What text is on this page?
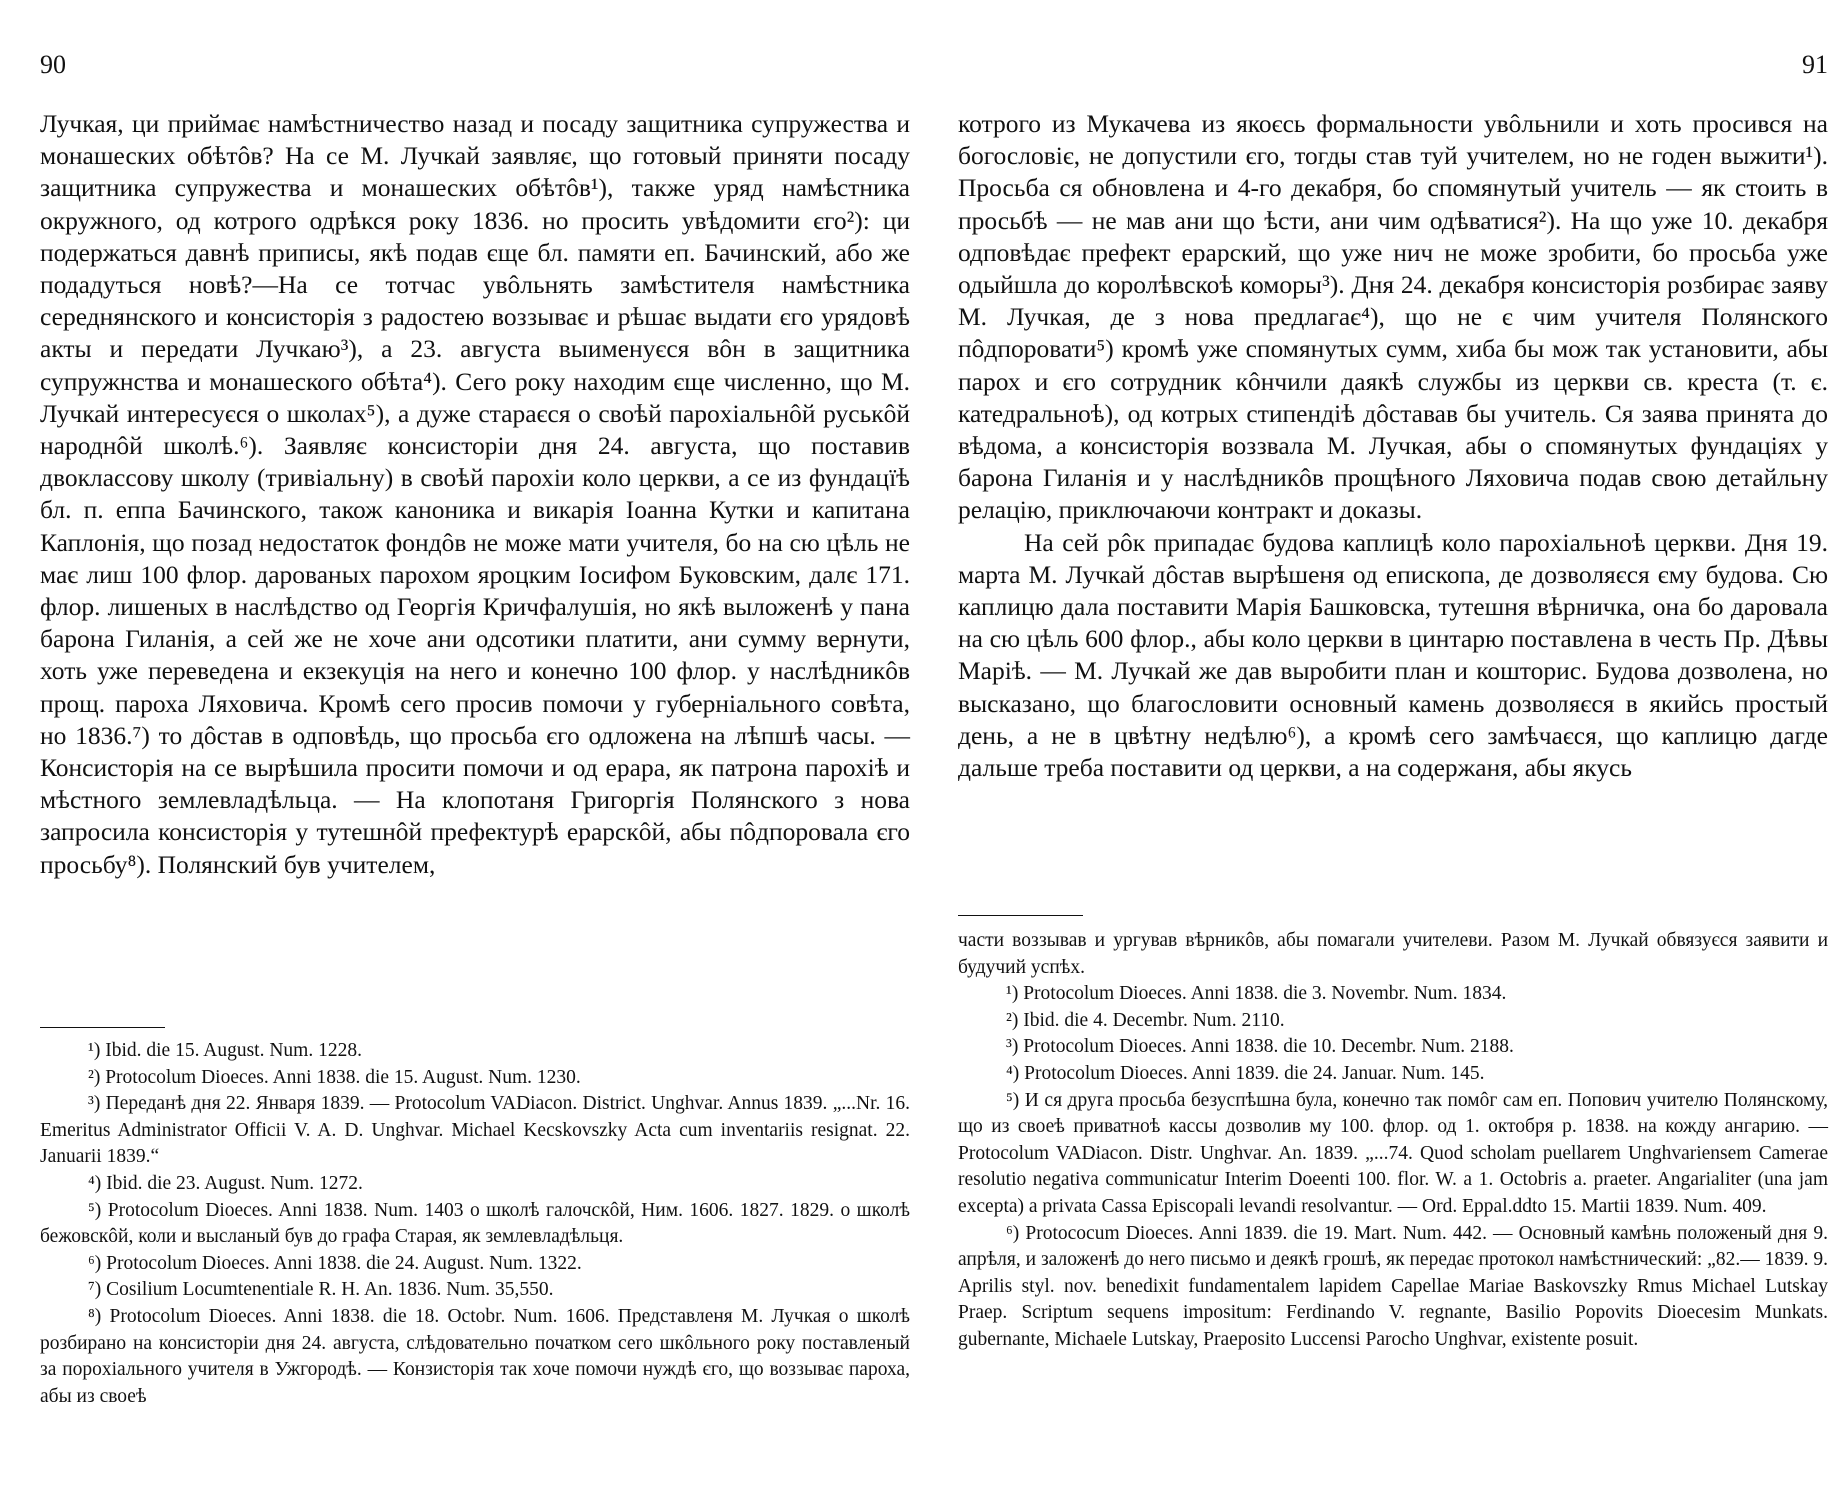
90

Лучкая, ци приймає намѣстничество назад и посаду защитника супружества и монашеских обѣтôв? На се М. Лучкай заявляє, що готовый приняти посаду защитника супружества и монашеских обѣтôв¹), также уряд намѣстника окружного, од котрого одрѣкся року 1836. но просить увѣдомити єго²): ци подержаться давнѣ приписы, якѣ подав єще бл. памяти еп. Бачинский, або же подадуться новѣ?—На се тотчас увôльнять замѣстителя намѣстника середнянского и консисторія з радостею воззыває и рѣшає выдати єго урядовѣ акты и передати Лучкаю³), а 23. августа выименуєся вôн в защитника супружнства и монашеского обѣта⁴). Сего року находим єще численно, що М. Лучкай интересуєся о школах⁵), а дуже стараєся о своѣй пароxіальнôй руськôй народнôй школѣ.⁶). Заявляє консисторіи дня 24. августа, що поставив двоклассову школу (тривіальну) в своѣй парохіи коло церкви, а се из фундацїѣ бл. п. еппа Бачинского, також каноника и викарія Іоанна Кутки и капитана Каплонія, що позад недостаток фондôв не може мати учителя, бо на сю цѣль не має лиш 100 флор. дарованых парохом яроцким Іосифом Буковским, далє 171. флор. лишеных в наслѣдство од Георгія Кричфалушія, но якѣ выложенѣ у пана барона Гиланія, а сей же не хоче ани одсотики платити, ани сумму вернути, хоть уже переведена и екзекуція на него и конечно 100 флор. у наслѣдникôв прощ. пароха Ляховича. Кромѣ сего просив помочи у губерніального совѣта, но 1836.⁷) то дôстав в одповѣдь, що просьба єго одложена на лѣпшѣ часы. — Консисторія на се вырѣшила просити помочи и од ерара, як патрона парохіѣ и мѣстного землевладѣльца. — На клопотаня Григоргія Полянского з нова запросила консисторія у тутешнôй префектурѣ ерарскôй, абы пôдпоровала єго просьбу⁸). Полянский був учителем,

¹) Ibid. die 15. August. Num. 1228.

²) Protocolum Dioeces. Anni 1838. die 15. August. Num. 1230.

³) Переданѣ дня 22. Января 1839. — Protocolum VADiacon. District. Unghvar. Annus 1839. „...Nr. 16. Emeritus Administrator Officii V. A. D. Unghvar. Michael Kecskovszky Acta cum inventariis resignat. 22. Januarii 1839.“

⁴) Ibid. die 23. August. Num. 1272.

⁵) Protocolum Dioeces. Anni 1838. Num. 1403 о школѣ галочскôй, Ним. 1606. 1827. 1829. о школѣ бежовскôй, коли и высланый був до графа Старая, як землевладѣльця.

⁶) Protocolum Dioeces. Anni 1838. die 24. August. Num. 1322.

⁷) Cosilium Locumtenentiale R. H. An. 1836. Num. 35,550.

⁸) Protocolum Dioeces. Anni 1838. die 18. Octobr. Num. 1606. Представленя М. Лучкая о школѣ розбирано на консисторіи дня 24. августа, слѣдовательно початком сего шкôльного року поставленый за пороxіального учителя в Ужгородѣ. — Конзисторія так хоче помочи нуждѣ єго, що воззыває пароха, абы из своеѣ

91

котрого из Мукачева из якоєсь формальности увôльнили и хоть просився на богословіє, не допустили єго, тогды став туй учителем, но не годен выжити¹). Просьба ся обновлена и 4-го декабря, бо спомянутый учитель — як стоить в просьбѣ — не мав ани що ѣсти, ани чим одѣватися²). На що уже 10. декабря одповѣдає префект ерарский, що уже нич не може зробити, бо просьба уже одыйшла до королѣвскоѣ коморы³). Дня 24. декабря консисторія розбирає заяву М. Лучкая, де з нова предлагає⁴), що не є чим учителя Полянского пôдпоровати⁵) кромѣ уже спомянутых сумм, хиба бы мож так установити, абы парох и єго сотрудник кôнчили даякѣ службы из церкви св. креста (т. є. катедральноѣ), од котрых стипендіѣ дôставав бы учитель. Ся заява принята до вѣдома, а консисторія воззвала М. Лучкая, абы о спомянутых фундаціях у барона Гиланія и у наслѣдникôв прощѣного Ляховича подав свою детайльну релацію, приключаючи контракт и доказы.

На сей рôк припадає будова каплицѣ коло пароxіальноѣ церкви. Дня 19. марта М. Лучкай дôстав вырѣшеня од епископа, де дозволяєся єму будова. Сю каплицю дала поставити Марія Башковска, тутешня вѣрничка, она бо даровала на сю цѣль 600 флор., абы коло церкви в цинтарю поставлена в честь Пр. Дѣвы Маріѣ. — М. Лучкай же дав выробити план и кошторис. Будова дозволена, но высказано, що благословити основный камень дозволяєся в якийсь простый день, а не в цвѣтну недѣлю⁶), а кромѣ сего замѣчаєся, що каплицю дагде дальше треба поставити од церкви, а на содержаня, абы якусь

части воззывав и ургував вѣрникôв, абы помагали учителеви. Разом М. Лучкай обвязуєся заявити и будучий успѣх.

¹) Protocolum Dioeces. Anni 1838. die 3. Novembr. Num. 1834.

²) Ibid. die 4. Decembr. Num. 2110.

³) Protocolum Dioeces. Anni 1838. die 10. Decembr. Num. 2188.

⁴) Protocolum Dioeces. Anni 1839. die 24. Januar. Num. 145.

⁵) И ся друга просьба безуспѣшна була, конечно так помôг сам еп. Попович учителю Полянскому, що из своеѣ приватноѣ кассы дозволив му 100. флор. од 1. октобря р. 1838. на кожду ангарию. — Protocolum VADiacon. Distr. Unghvar. An. 1839. „...74. Quod scholam puellarem Unghvariensem Camerae resolutio negativa communicatur Interim Doeenti 100. flor. W. a 1. Octobris a. praeter. Angarialiter (una jam excepta) a privata Cassa Episcopali levandi resolvantur. — Ord. Eppal.ddto 15. Martii 1839. Num. 409.

⁶) Protococum Dioeces. Anni 1839. die 19. Mart. Num. 442. — Основный камѣнь положеный дня 9. апрѣля, и заложенѣ до него письмо и деякѣ грошѣ, як передає протокол намѣстнический: „82.— 1839. 9. Aprilis styl. nov. benedixit fundamentalem lapidem Capellae Mariae Baskovszky Rmus Michael Lutskay Praep. Scriptum sequens impositum: Ferdinando V. regnante, Basilio Popovits Dioecesim Munkats. gubernante, Michaele Lutskay, Praeposito Luccensi Parocho Unghvar, existente posuit.
